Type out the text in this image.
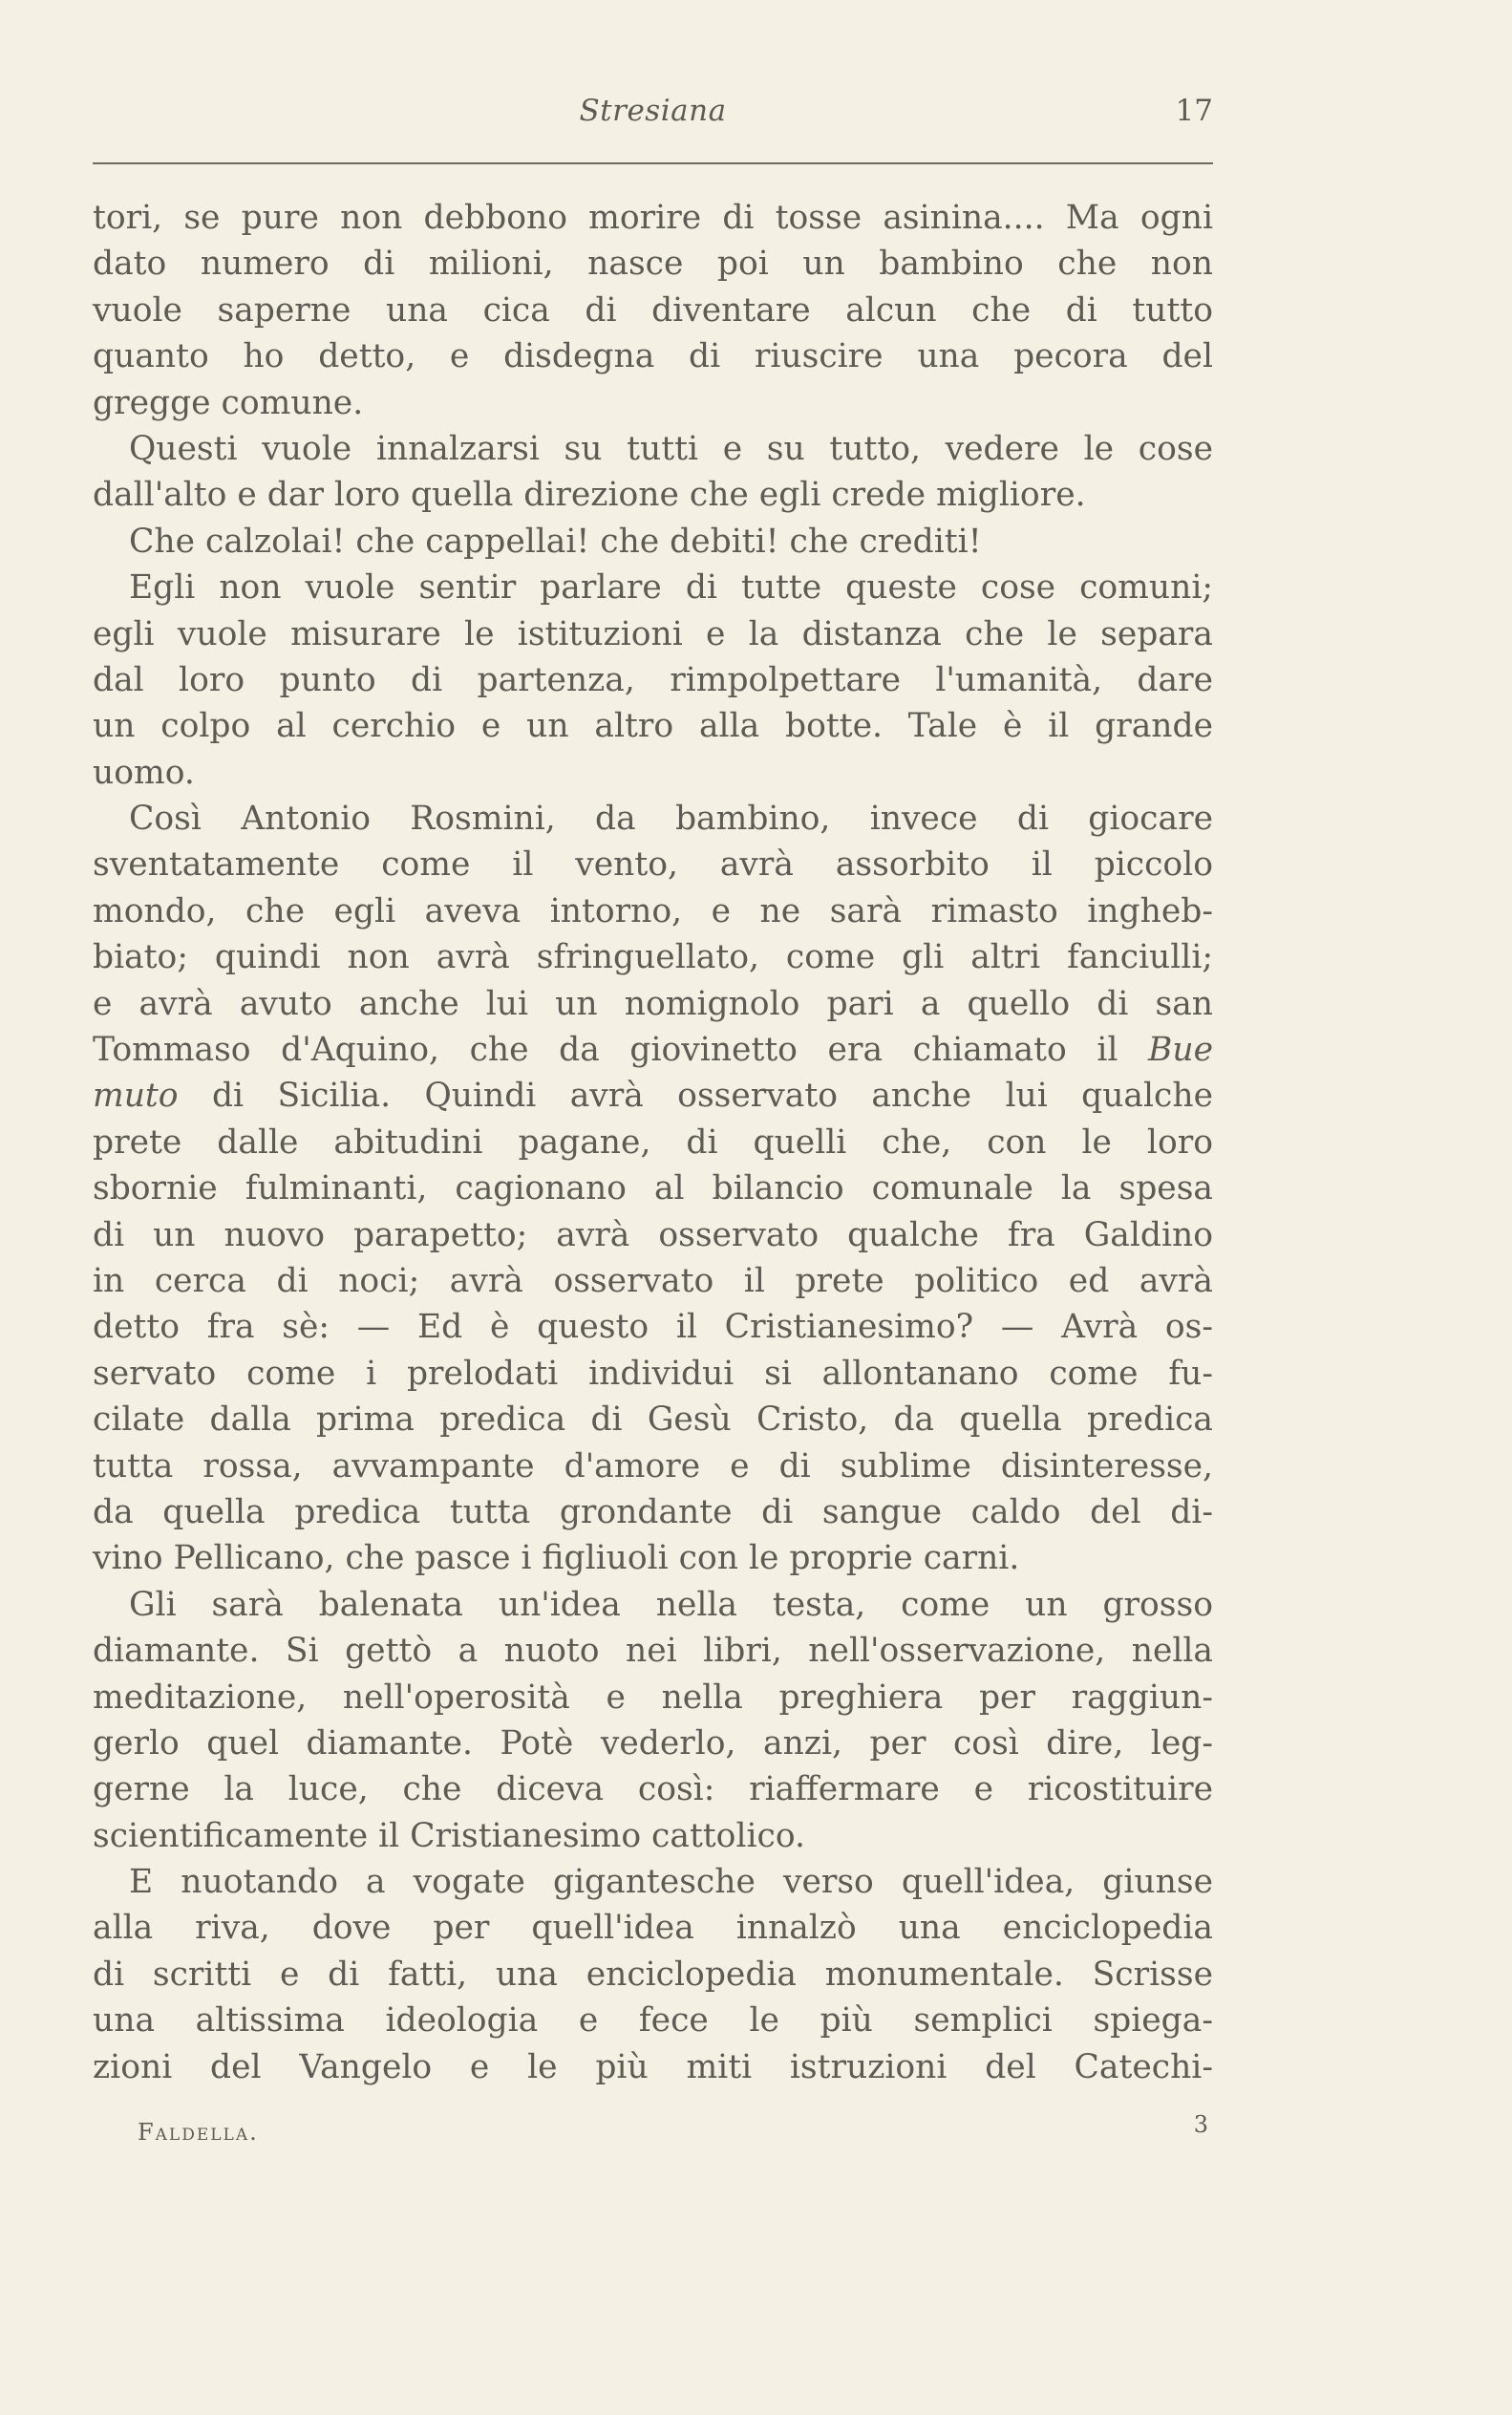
Stresiana	17
tori, se pure non debbono morire di tosse asinina.... Ma ogni
dato numero di milioni, nasce poi un bambino che non
vuole saperne una cica di diventare alcun che di tutto
quanto ho detto, e disdegna di riuscire una pecora del
gregge comune.
Questi vuole innalzarsi su tutti e su tutto, vedere le cose
dall'alto e dar loro quella direzione che egli crede migliore.
Che calzolai! che cappellai! che debiti! che crediti!
Egli non vuole sentir parlare di tutte queste cose comuni;
egli vuole misurare le istituzioni e la distanza che le separa
dal loro punto di partenza, rimpolpettare l'umanità, dare
un colpo al cerchio e un altro alla botte. Tale è il grande
uomo.
Così Antonio Rosmini, da bambino, invece di giocare
sventatamente come il vento, avrà assorbito il piccolo
mondo, che egli aveva intorno, e ne sarà rimasto ingheb-
biato; quindi non avrà sfringuellato, come gli altri fanciulli;
e avrà avuto anche lui un nomignolo pari a quello di san
Tommaso d'Aquino, che da giovinetto era chiamato il Bue
muto di Sicilia. Quindi avrà osservato anche lui qualche
prete dalle abitudini pagane, di quelli che, con le loro
sbornie fulminanti, cagionano al bilancio comunale la spesa
di un nuovo parapetto; avrà osservato qualche fra Galdino
in cerca di noci; avrà osservato il prete politico ed avrà
detto fra sè: — Ed è questo il Cristianesimo? — Avrà os-
servato come i prelodati individui si allontanano come fu-
cilate dalla prima predica di Gesù Cristo, da quella predica
tutta rossa, avvampante d'amore e di sublime disinteresse,
da quella predica tutta grondante di sangue caldo del di-
vino Pellicano, che pasce i figliuoli con le proprie carni.
Gli sarà balenata un'idea nella testa, come un grosso
diamante. Si gettò a nuoto nei libri, nell'osservazione, nella
meditazione, nell'operosità e nella preghiera per raggiun-
gerlo quel diamante. Potè vederlo, anzi, per così dire, leg-
gerne la luce, che diceva così: riaffermare e ricostituire
scientificamente il Cristianesimo cattolico.
E nuotando a vogate gigantesche verso quell'idea, giunse
alla riva, dove per quell'idea innalzò una enciclopedia
di scritti e di fatti, una enciclopedia monumentale. Scrisse
una altissima ideologia e fece le più semplici spiega-
zioni del Vangelo e le più miti istruzioni del Catechi-
Faldella.	3
